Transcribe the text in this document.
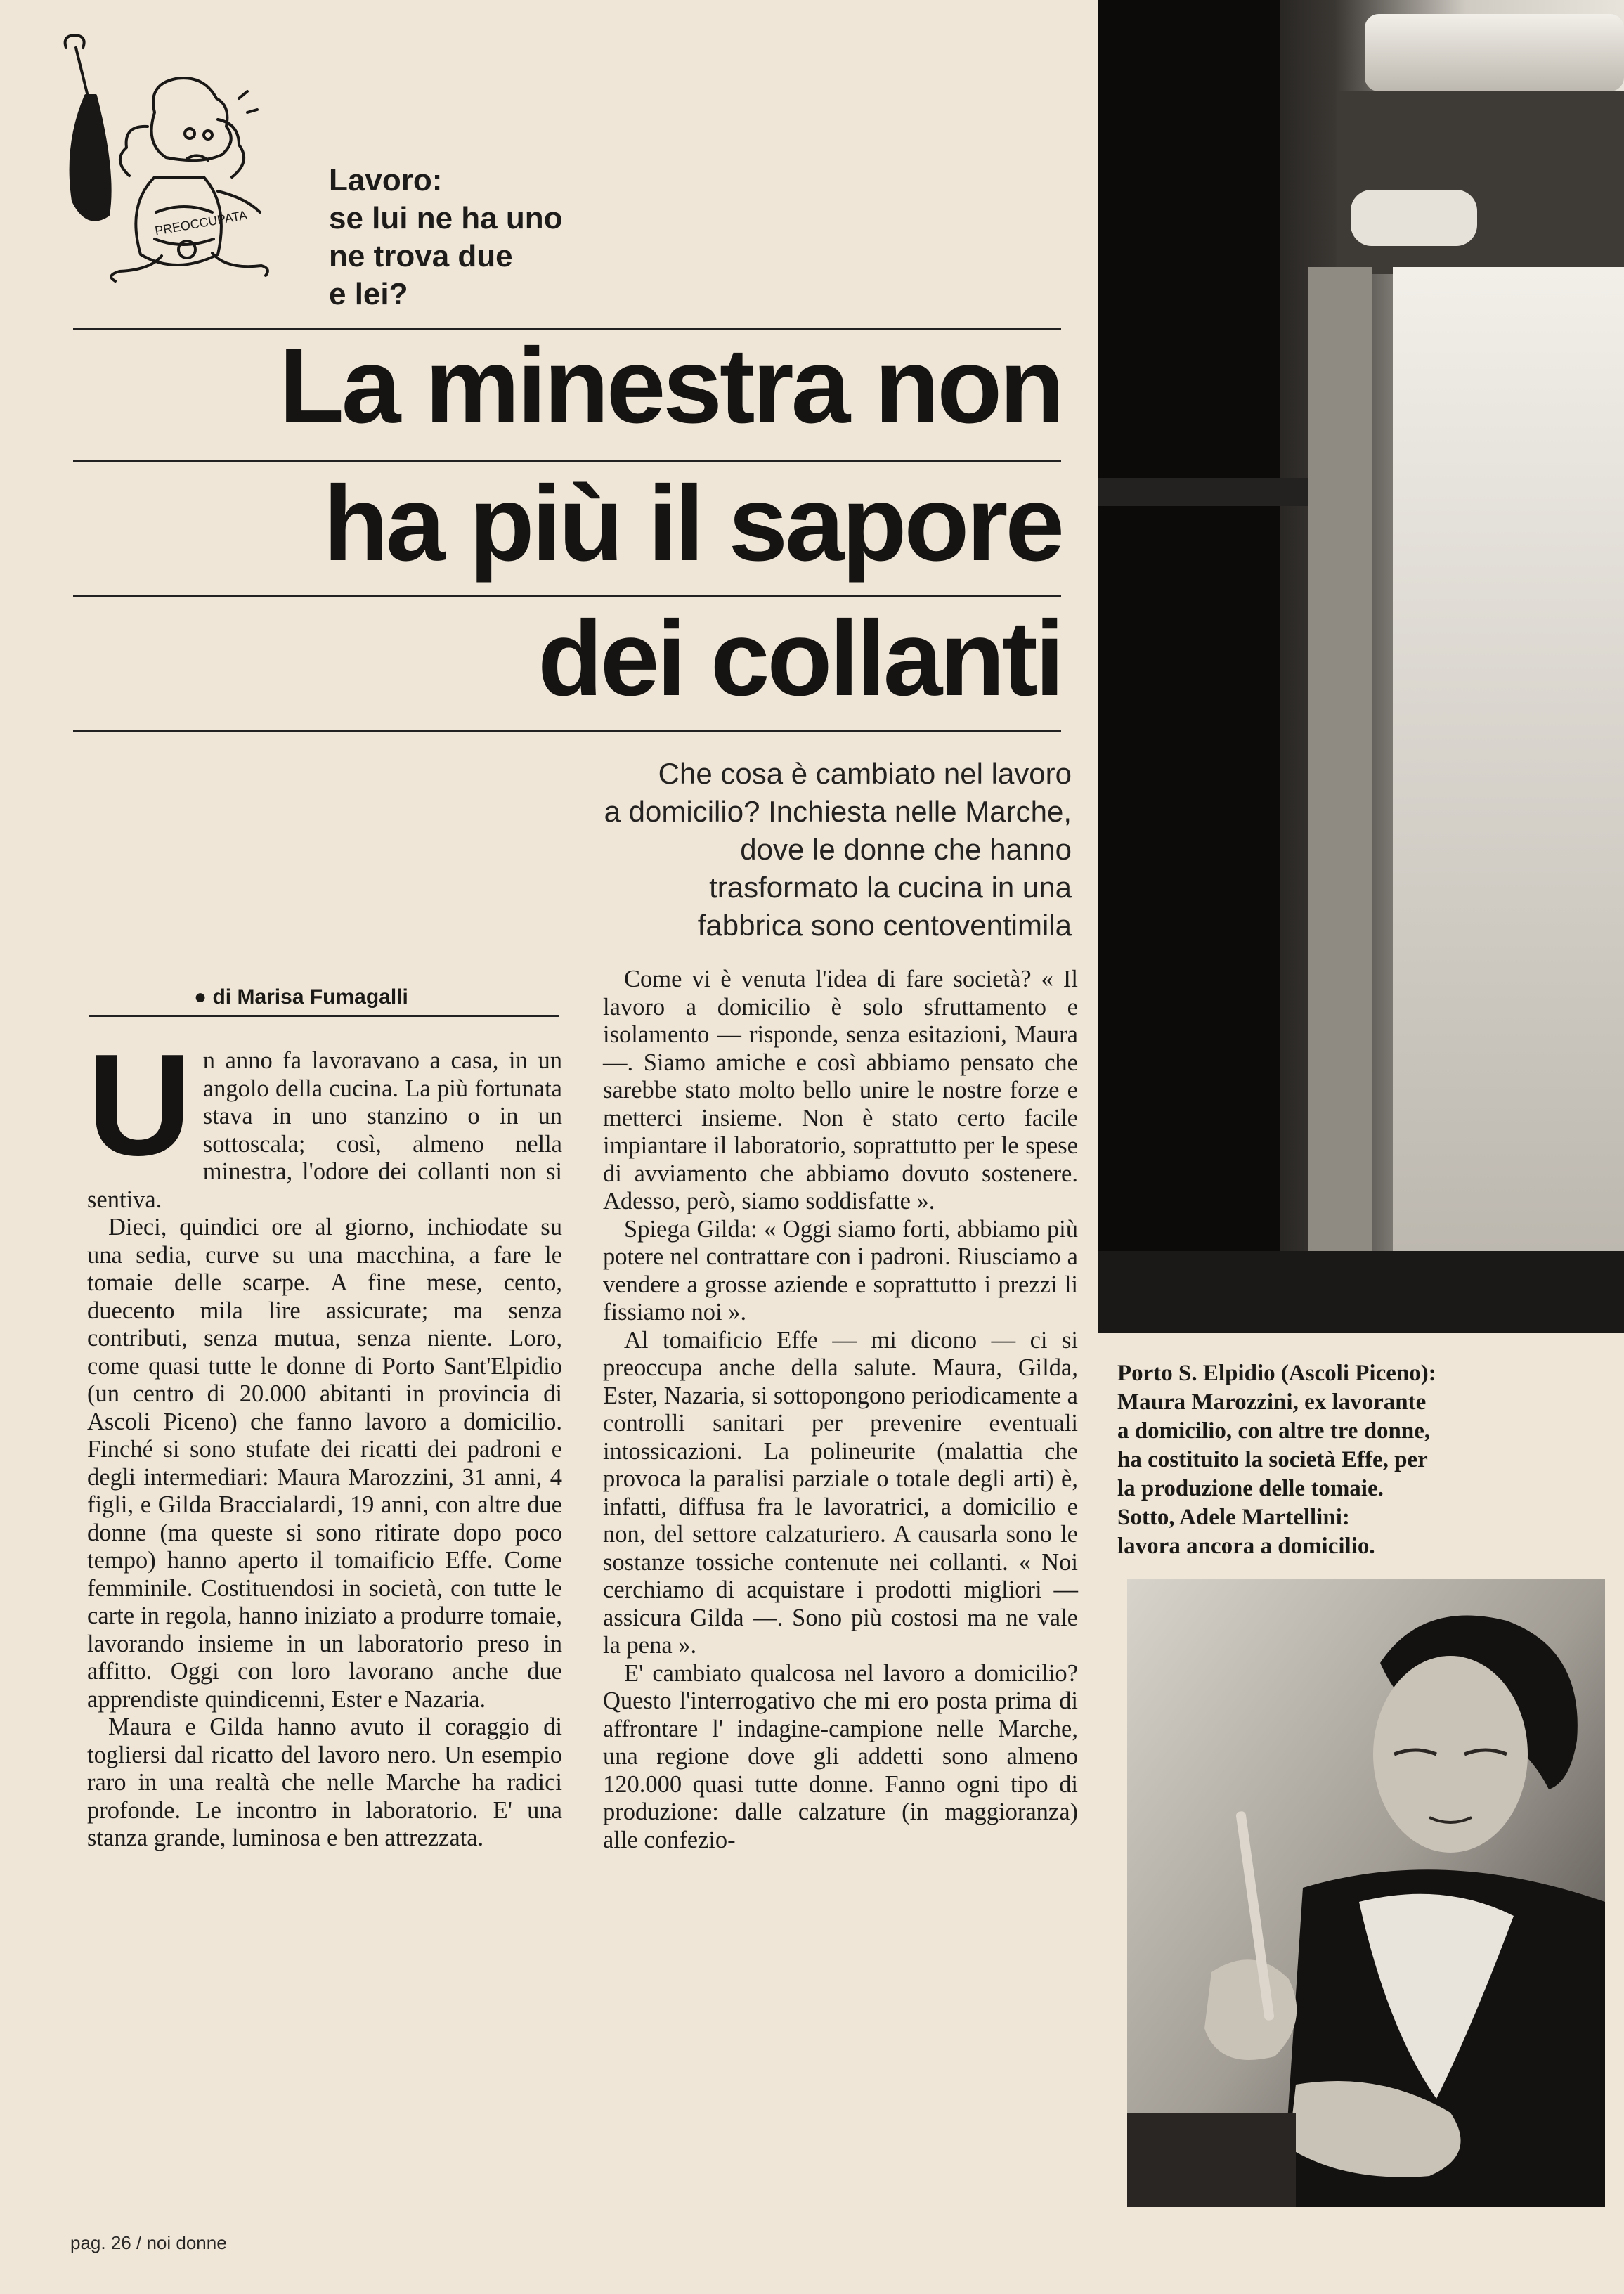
PREOCCUPATA
Lavoro:
se lui ne ha uno
ne trova due
e lei?
La minestra non
ha più il sapore
dei collanti
Che cosa è cambiato nel lavoro
a domicilio? Inchiesta nelle Marche,
dove le donne che hanno
trasformato la cucina in una
fabbrica sono centoventimila
● di Marisa Fumagalli

Un anno fa lavoravano a casa, in un angolo della cucina. La più fortunata stava in uno stanzino o in un sottoscala; così, almeno nella minestra, l'odore dei collanti non si sentiva.

Dieci, quindici ore al giorno, inchiodate su una sedia, curve su una macchina, a fare le tomaie delle scarpe. A fine mese, cento, duecento mila lire assicurate; ma senza contributi, senza mutua, senza niente. Loro, come quasi tutte le donne di Porto Sant'Elpidio (un centro di 20.000 abitanti in provincia di Ascoli Piceno) che fanno lavoro a domicilio. Finché si sono stufate dei ricatti dei padroni e degli intermediari: Maura Marozzini, 31 anni, 4 figli, e Gilda Braccialardi, 19 anni, con altre due donne (ma queste si sono ritirate dopo poco tempo) hanno aperto il tomaificio Effe. Come femminile. Costituendosi in società, con tutte le carte in regola, hanno iniziato a produrre tomaie, lavorando insieme in un laboratorio preso in affitto. Oggi con loro lavorano anche due apprendiste quindicenni, Ester e Nazaria.

Maura e Gilda hanno avuto il coraggio di togliersi dal ricatto del lavoro nero. Un esempio raro in una realtà che nelle Marche ha radici profonde. Le incontro in laboratorio. E' una stanza grande, luminosa e ben attrezzata.

Come vi è venuta l'idea di fare società? « Il lavoro a domicilio è solo sfruttamento e isolamento — risponde, senza esitazioni, Maura —. Siamo amiche e così abbiamo pensato che sarebbe stato molto bello unire le nostre forze e metterci insieme. Non è stato certo facile impiantare il laboratorio, soprattutto per le spese di avviamento che abbiamo dovuto sostenere. Adesso, però, siamo soddisfatte ».

Spiega Gilda: « Oggi siamo forti, abbiamo più potere nel contrattare con i padroni. Riusciamo a vendere a grosse aziende e soprattutto i prezzi li fissiamo noi ».

Al tomaificio Effe — mi dicono — ci si preoccupa anche della salute. Maura, Gilda, Ester, Nazaria, si sottopongono periodicamente a controlli sanitari per prevenire eventuali intossicazioni. La polineurite (malattia che provoca la paralisi parziale o totale degli arti) è, infatti, diffusa fra le lavoratrici, a domicilio e non, del settore calzaturiero. A causarla sono le sostanze tossiche contenute nei collanti. « Noi cerchiamo di acquistare i prodotti migliori — assicura Gilda —. Sono più costosi ma ne vale la pena ».

E' cambiato qualcosa nel lavoro a domicilio? Questo l'interrogativo che mi ero posta prima di affrontare l' indagine-campione nelle Marche, una regione dove gli addetti sono almeno 120.000 quasi tutte donne. Fanno ogni tipo di produzione: dalle calzature (in maggioranza) alle confezio-

Porto S. Elpidio (Ascoli Piceno):
Maura Marozzini, ex lavorante
a domicilio, con altre tre donne,
ha costituito la società Effe, per
la produzione delle tomaie.
Sotto, Adele Martellini:
lavora ancora a domicilio.
pag. 26 / noi donne
